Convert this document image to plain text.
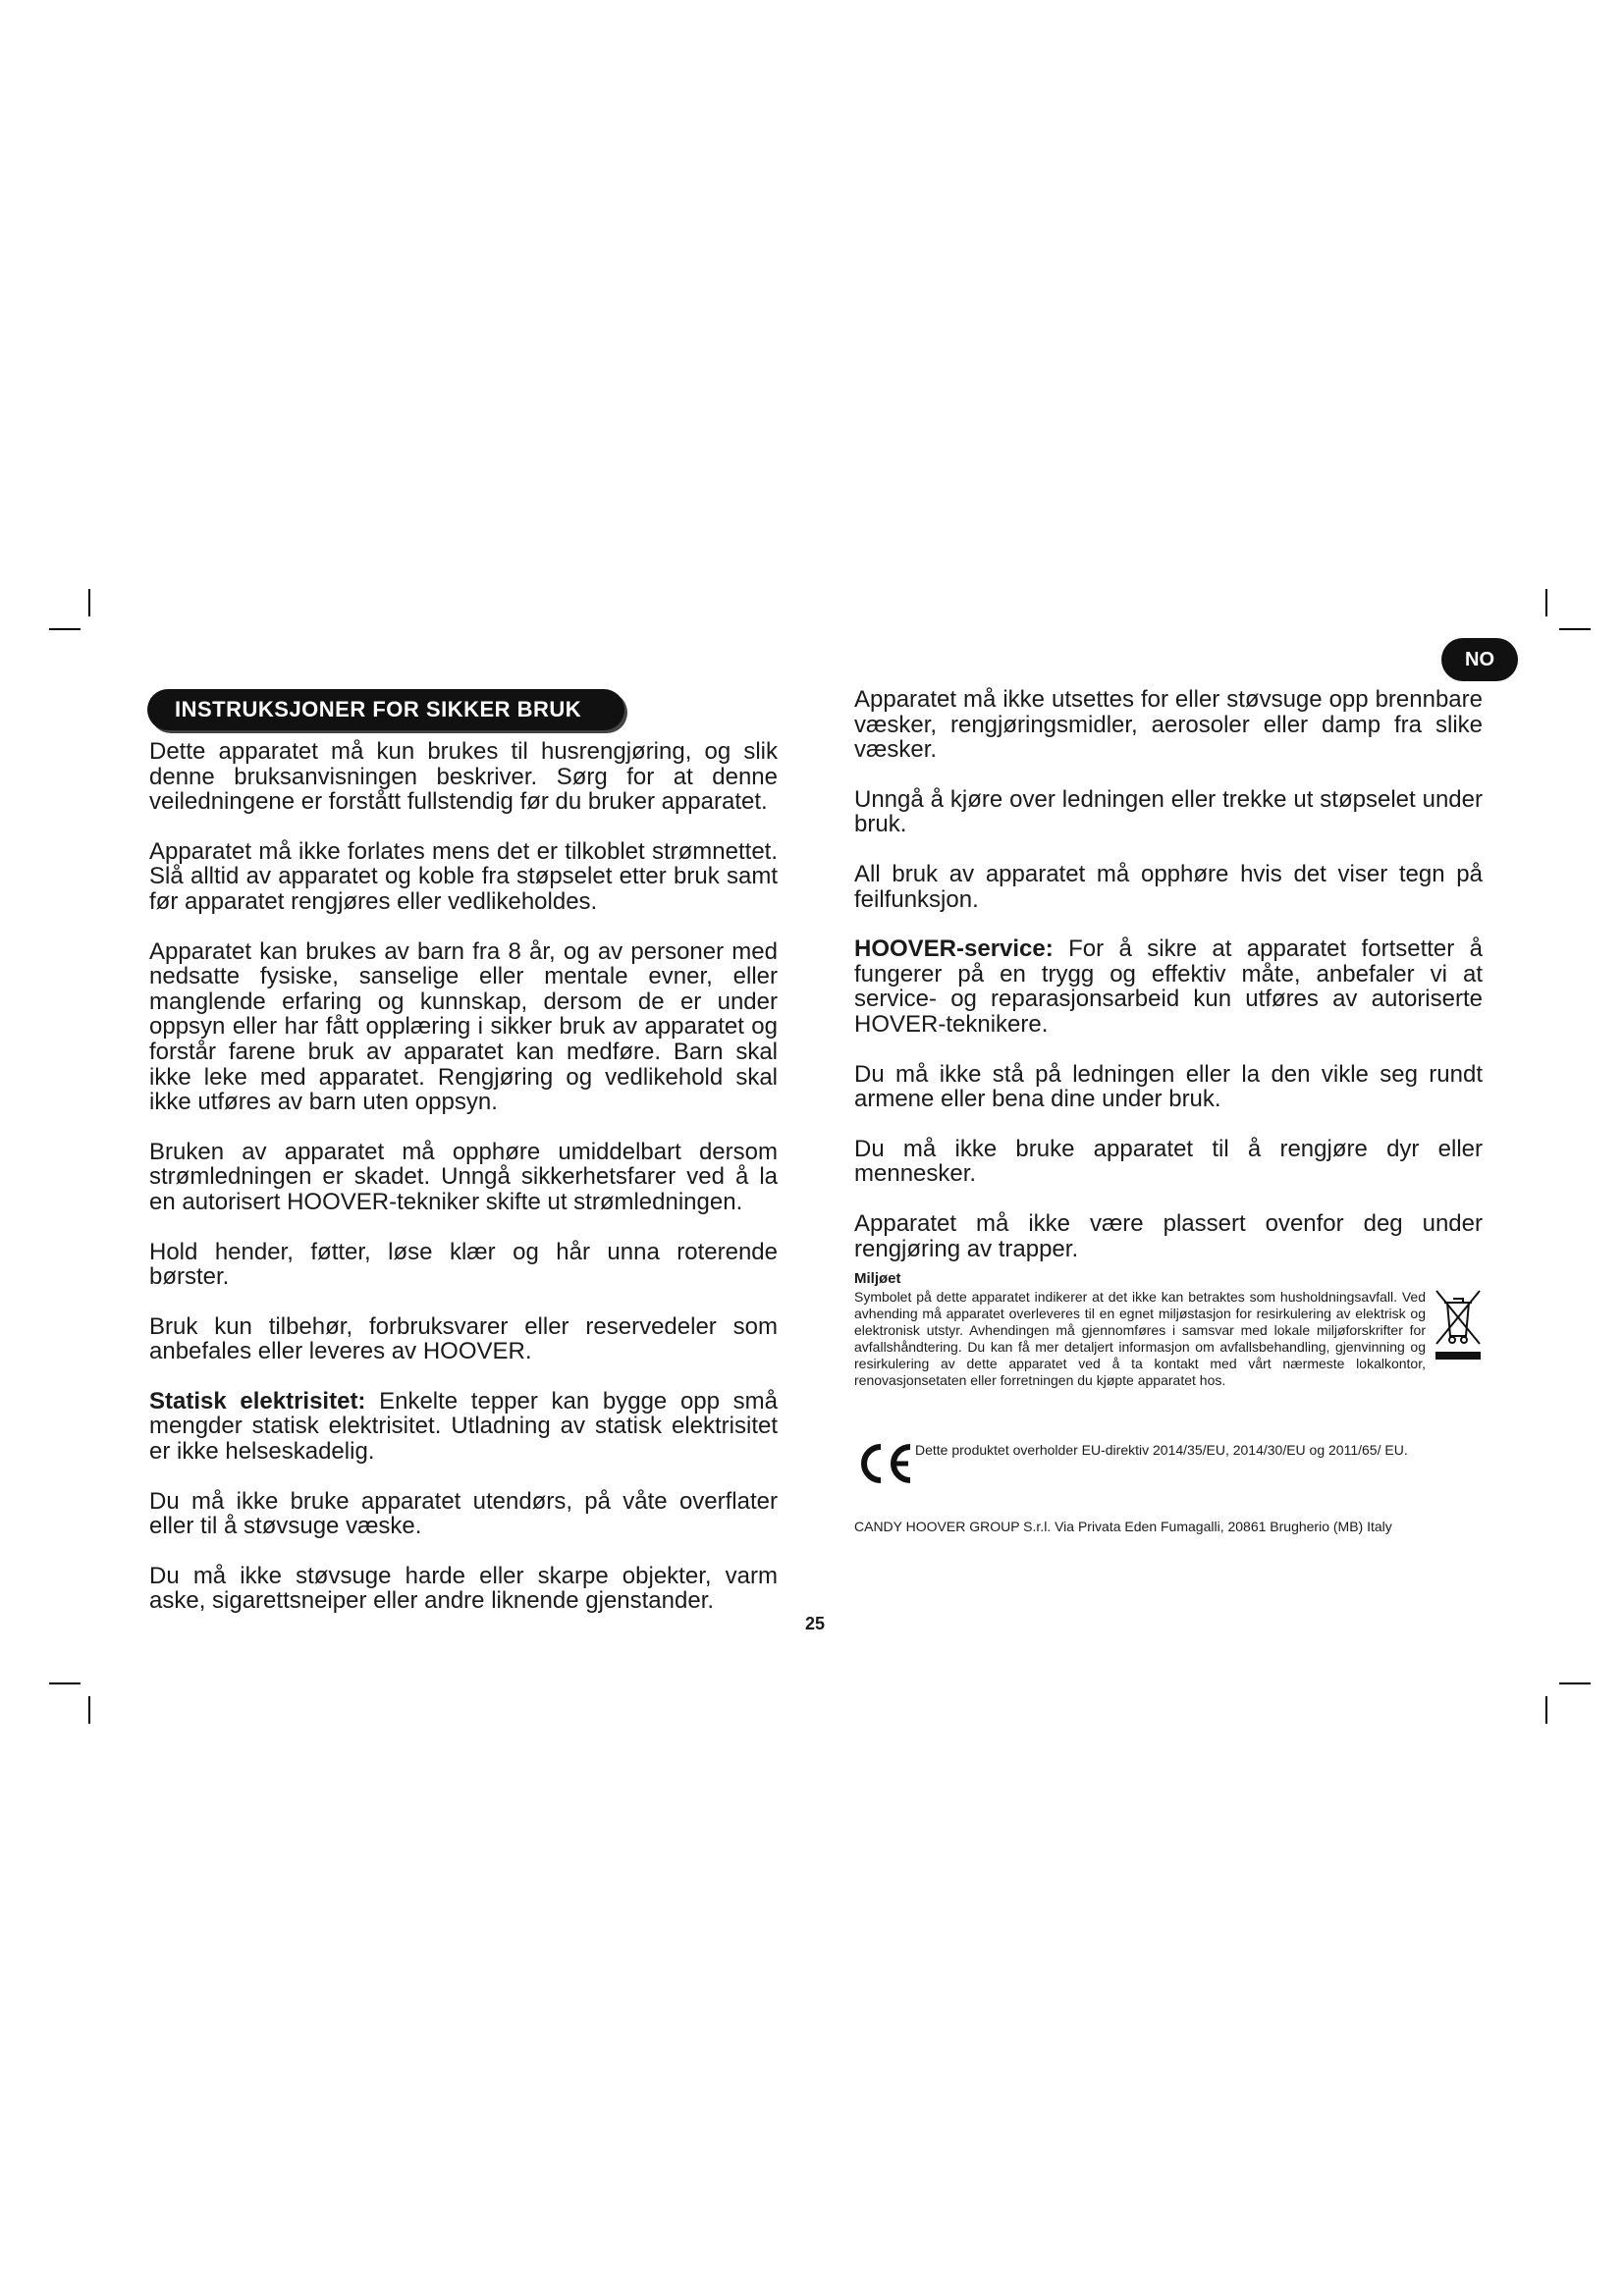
INSTRUKSJONER FOR SIKKER BRUK
NO

Dette apparatet må kun brukes til husrengjøring, og slik denne bruksanvisningen beskriver. Sørg for at denne veiledningene er forstått fullstendig før du bruker apparatet.

Apparatet må ikke forlates mens det er tilkoblet strømnettet. Slå alltid av apparatet og koble fra støpselet etter bruk samt før apparatet rengjøres eller vedlikeholdes.

Apparatet kan brukes av barn fra 8 år, og av personer med nedsatte fysiske, sanselige eller mentale evner, eller manglende erfaring og kunnskap, dersom de er under oppsyn eller har fått opplæring i sikker bruk av apparatet og forstår farene bruk av apparatet kan medføre. Barn skal ikke leke med apparatet. Rengjøring og vedlikehold skal ikke utføres av barn uten oppsyn.

Bruken av apparatet må opphøre umiddelbart dersom strømledningen er skadet. Unngå sikkerhetsfarer ved å la en autorisert HOOVER-tekniker skifte ut strømledningen.

Hold hender, føtter, løse klær og hår unna roterende børster.

Bruk kun tilbehør, forbruksvarer eller reservedeler som anbefales eller leveres av HOOVER.

Statisk elektrisitet: Enkelte tepper kan bygge opp små mengder statisk elektrisitet. Utladning av statisk elektrisitet er ikke helseskadelig.

Du må ikke bruke apparatet utendørs, på våte overflater eller til å støvsuge væske.

Du må ikke støvsuge harde eller skarpe objekter, varm aske, sigarettsneiper eller andre liknende gjenstander.

Apparatet må ikke utsettes for eller støvsuge opp brennbare væsker, rengjøringsmidler, aerosoler eller damp fra slike væsker.

Unngå å kjøre over ledningen eller trekke ut støpselet under bruk.

All bruk av apparatet må opphøre hvis det viser tegn på feilfunksjon.

HOOVER-service: For å sikre at apparatet fortsetter å fungerer på en trygg og effektiv måte, anbefaler vi at service- og reparasjonsarbeid kun utføres av autoriserte HOVER-teknikere.

Du må ikke stå på ledningen eller la den vikle seg rundt armene eller bena dine under bruk.

Du må ikke bruke apparatet til å rengjøre dyr eller mennesker.

Apparatet må ikke være plassert ovenfor deg under rengjøring av trapper.

Miljøet
Symbolet på dette apparatet indikerer at det ikke kan betraktes som husholdningsavfall. Ved avhending må apparatet overleveres til en egnet miljøstasjon for resirkulering av elektrisk og elektronisk utstyr. Avhendingen må gjennomføres i samsvar med lokale miljøforskrifter for avfallshåndtering. Du kan få mer detaljert informasjon om avfallsbehandling, gjenvinning og resirkulering av dette apparatet ved å ta kontakt med vårt nærmeste lokalkontor, renovasjonsetaten eller forretningen du kjøpte apparatet hos.
Dette produktet overholder EU-direktiv 2014/35/EU, 2014/30/EU og 2011/65/ EU.
CANDY HOOVER GROUP S.r.l. Via Privata Eden Fumagalli, 20861 Brugherio (MB) Italy
25
